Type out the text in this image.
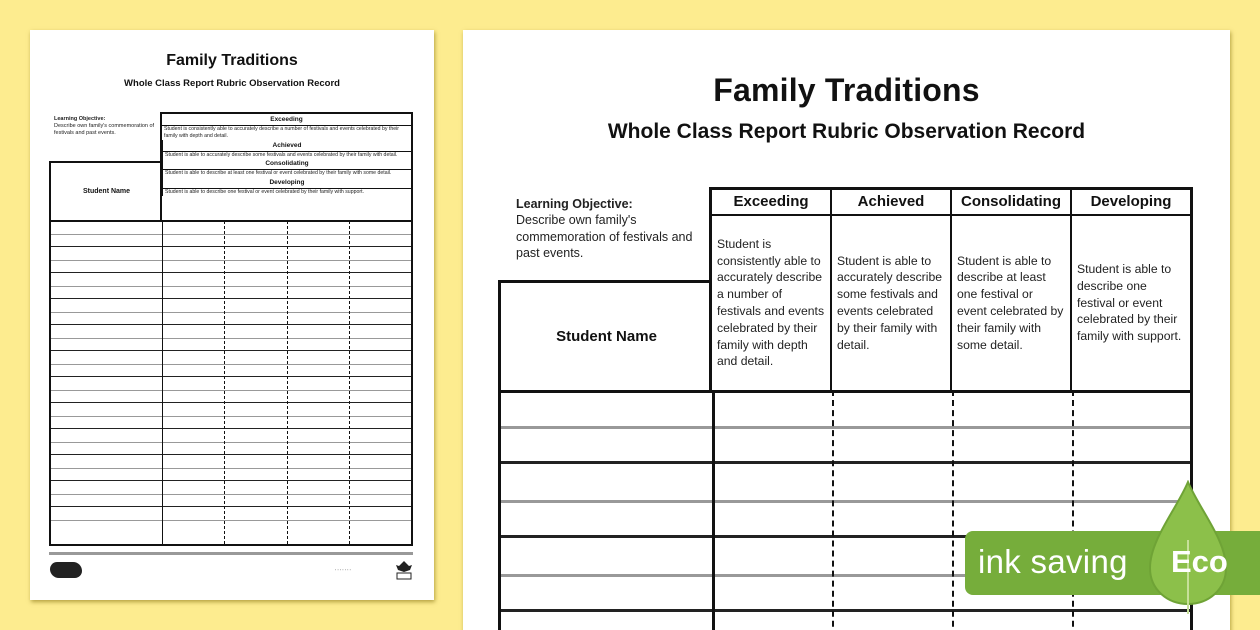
Family Traditions
Whole Class Report Rubric Observation Record
Learning Objective:
Describe own family's commemoration of festivals and past events.
Exceeding
Student is consistently able to accurately describe a number of festivals and events celebrated by their family with depth and detail.
Achieved
Student is able to accurately describe some festivals and events celebrated by their family with detail.
Consolidating
Student is able to describe at least one festival or event celebrated by their family with some detail.
Developing
Student is able to describe one festival or event celebrated by their family with support.
Student Name
· · · · · · ·
Family Traditions
Whole Class Report Rubric Observation Record
Learning Objective:
Describe own family's commemoration of festivals and past events.
Exceeding
Student is consistently able to accurately describe a number of festivals and events celebrated by their family with depth and detail.
Achieved
Student is able to accurately describe some festivals and events celebrated by their family with detail.
Consolidating
Student is able to describe at least one festival or event celebrated by their family with some detail.
Developing
Student is able to describe one festival or event celebrated by their family with support.
Student Name
ink saving Eco
